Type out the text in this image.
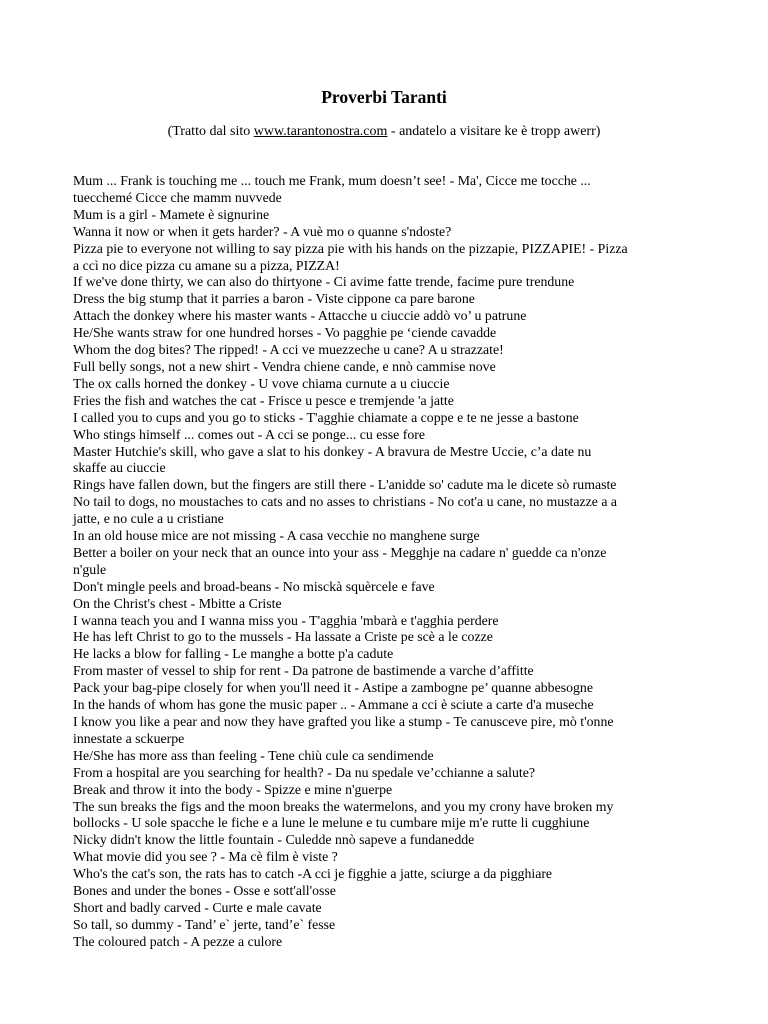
Proverbi Taranti
(Tratto dal sito www.tarantonostra.com - andatelo a visitare ke è tropp awerr)
Mum ... Frank is touching me ... touch me Frank, mum doesn’t see! - Ma', Cicce me tocche ...
tuecchemé Cicce che mamm nuvvede
Mum is a girl - Mamete è signurine
Wanna it now or when it gets harder? - A vuè mo o quanne s'ndoste?
Pizza pie to everyone not willing to say pizza pie with his hands on the pizzapie, PIZZAPIE! - Pizza
a ccì no dice pizza cu amane su a pizza, PIZZA!
If we've done thirty, we can also do thirtyone - Ci avime fatte trende, facime pure trendune
Dress the big stump that it parries a baron - Viste cippone ca pare barone
Attach the donkey where his master wants - Attacche u ciuccie addò vo’ u patrune
He/She wants straw for one hundred horses - Vo pagghie pe ‘ciende cavadde
Whom the dog bites? The ripped! - A cci ve muezzeche u cane? A u strazzate!
Full belly songs, not a new shirt - Vendra chiene cande, e nnò cammise nove
The ox calls horned the donkey - U vove chiama curnute a u ciuccie
Fries the fish and watches the cat - Frisce u pesce e tremjende 'a jatte
I called you to cups and you go to sticks - T'agghie chiamate a coppe e te ne jesse a bastone
Who stings himself ... comes out - A cci se ponge... cu esse fore
Master Hutchie's skill, who gave a slat to his donkey - A bravura de Mestre Uccie, c’a date nu
skaffe au ciuccie
Rings have fallen down, but the fingers are still there - L'anidde so' cadute ma le dicete sò rumaste
No tail to dogs, no moustaches to cats and no asses to christians - No cot'a u cane, no mustazze a a
jatte, e no cule a u cristiane
In an old house mice are not missing - A casa vecchie no manghene surge
Better a boiler on your neck that an ounce into your ass - Megghje na cadare n' guedde ca n'onze
n'gule
Don't mingle peels and broad-beans - No misckà squèrcele e fave
On the Christ's chest - Mbitte a Criste
I wanna teach you and I wanna miss you - T'agghia 'mbarà e t'agghia perdere
He has left Christ to go to the mussels - Ha lassate a Criste pe scè a le cozze
He lacks a blow for falling - Le manghe a botte p'a cadute
From master of vessel to ship for rent - Da patrone de bastimende a varche d’affitte
Pack your bag-pipe closely for when you'll need it - Astipe a zambogne pe’ quanne abbesogne
In the hands of whom has gone the music paper .. - Ammane a cci è sciute a carte d'a museche
I know you like a pear and now they have grafted you like a stump - Te canusceve pire, mò t'onne
innestate a sckuerpe
He/She has more ass than feeling - Tene chiù cule ca sendimende
From a hospital are you searching for health? - Da nu spedale ve’cchianne a salute?
Break and throw it into the body - Spizze e mine n'guerpe
The sun breaks the figs and the moon breaks the watermelons, and you my crony have broken my
bollocks - U sole spacche le fiche e a lune le melune e tu cumbare mije m'e rutte li cugghiune
Nicky didn't know the little fountain - Culedde nnò sapeve a fundanedde
What movie did you see ? - Ma cè film è viste ?
Who's the cat's son, the rats has to catch -A cci je figghie a jatte, sciurge a da pigghiare
Bones and under the bones - Osse e sott'all'osse
Short and badly carved - Curte e male cavate
So tall, so dummy - Tand’ e` jerte, tand’e` fesse
The coloured patch - A pezze a culore
